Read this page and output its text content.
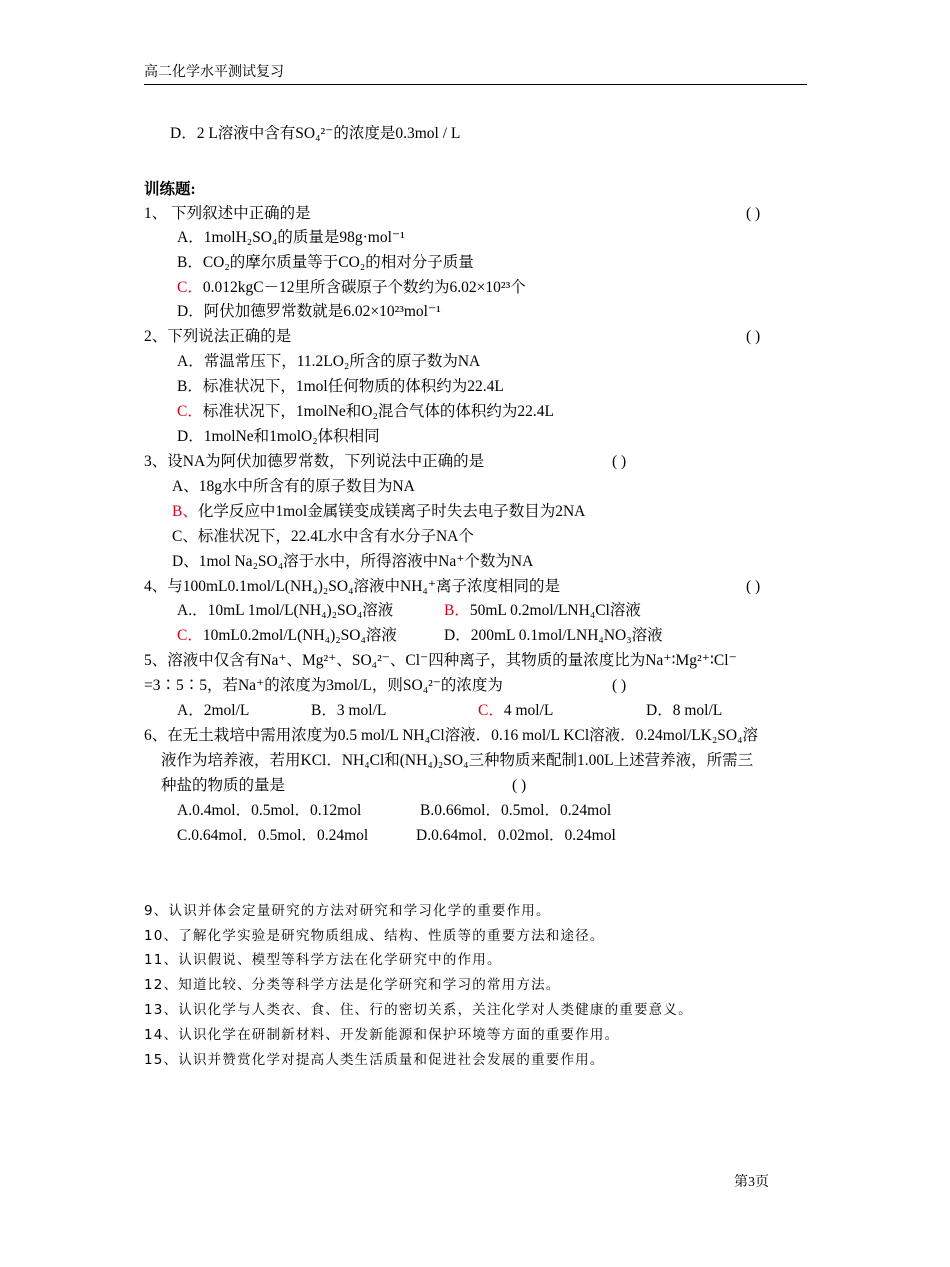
高二化学水平测试复习
D．2 L溶液中含有SO₄²⁻的浓度是0.3mol / L
训练题:
1、 下列叙述中正确的是	( )
A．1molH₂SO₄的质量是98g·mol⁻¹
B．CO₂的摩尔质量等于CO₂的相对分子质量
C．0.012kgC－12里所含碳原子个数约为6.02×10²³个
D．阿伏加德罗常数就是6.02×10²³mol⁻¹
2、下列说法正确的是	( )
A．常温常压下，11.2LO₂所含的原子数为NA
B．标准状况下，1mol任何物质的体积约为22.4L
C．标准状况下，1molNe和O₂混合气体的体积约为22.4L
D．1molNe和1molO₂体积相同
3、设NA为阿伏加德罗常数，下列说法中正确的是	( )
A、18g水中所含有的原子数目为NA
B、化学反应中1mol金属镁变成镁离子时失去电子数目为2NA
C、标准状况下，22.4L水中含有水分子NA个
D、1mol Na₂SO₄溶于水中，所得溶液中Na⁺个数为NA
4、与100mL0.1mol/L(NH₄)₂SO₄溶液中NH₄⁺离子浓度相同的是	( )
A.．10mL 1mol/L(NH₄)₂SO₄溶液	B．50mL 0.2mol/LNH₄Cl溶液
C．10mL0.2mol/L(NH₄)₂SO₄溶液	D．200mL 0.1mol/LNH₄NO₃溶液
5、溶液中仅含有Na⁺、Mg²⁺、SO₄²⁻、Cl⁻四种离子，其物质的量浓度比为Na⁺∶Mg²⁺∶Cl⁻
=3∶5∶5，若Na⁺的浓度为3mol/L，则SO₄²⁻的浓度为	( )
A．2mol/L	B．3 mol/L	C．4 mol/L	D．8 mol/L
6、在无土栽培中需用浓度为0.5 mol/L NH₄Cl溶液．0.16 mol/L KCl溶液．0.24mol/LK₂SO₄溶
液作为培养液，若用KCl．NH₄Cl和(NH₄)₂SO₄三种物质来配制1.00L上述营养液，所需三
种盐的物质的量是	( )
A.0.4mol．0.5mol．0.12mol	B.0.66mol．0.5mol．0.24mol
C.0.64mol．0.5mol．0.24mol	D.0.64mol．0.02mol．0.24mol
9、认识并体会定量研究的方法对研究和学习化学的重要作用。
10、了解化学实验是研究物质组成、结构、性质等的重要方法和途径。
11、认识假说、模型等科学方法在化学研究中的作用。
12、知道比较、分类等科学方法是化学研究和学习的常用方法。
13、认识化学与人类衣、食、住、行的密切关系，关注化学对人类健康的重要意义。
14、认识化学在研制新材料、开发新能源和保护环境等方面的重要作用。
15、认识并赞赏化学对提高人类生活质量和促进社会发展的重要作用。
第3页
